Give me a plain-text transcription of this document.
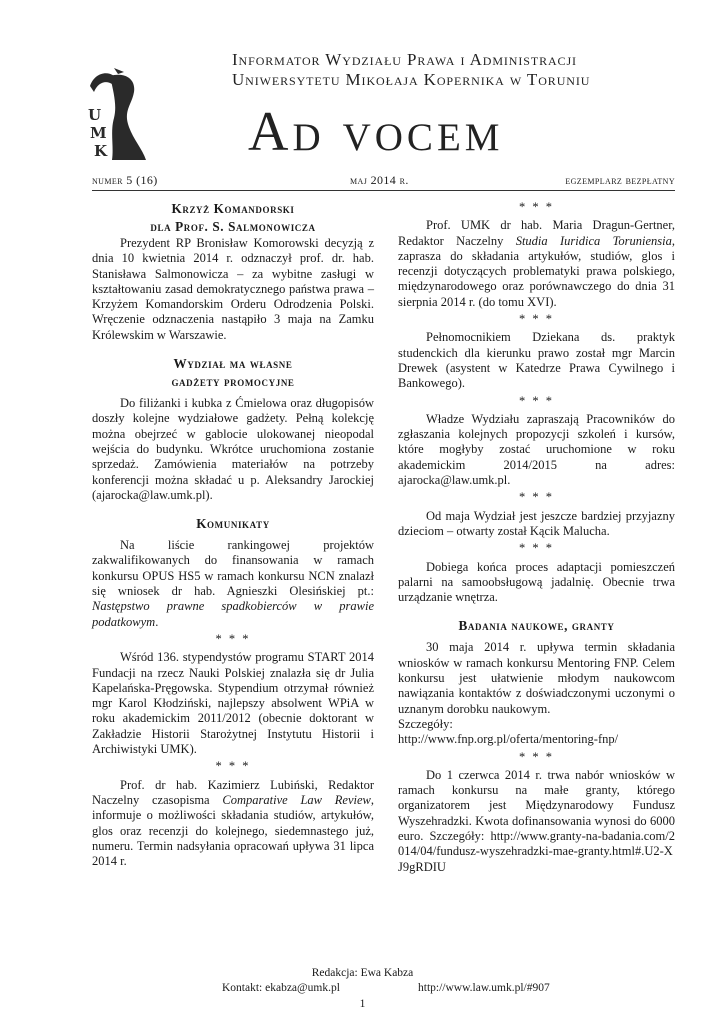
U
M
K
Informator Wydziału Prawa i Administracji
Uniwersytetu Mikołaja Kopernika w Toruniu
Ad vocem
numer 5 (16)	maj 2014 r.	egzemplarz bezpłatny
Krzyż Komandorski
dla Prof. S. Salmonowicza

Prezydent RP Bronisław Komorowski decyzją z dnia 10 kwietnia 2014 r. odznaczył prof. dr. hab. Stanisława Salmonowicza – za wybitne zasługi w kształtowaniu zasad demokratycznego państwa prawa – Krzyżem Komandorskim Orderu Odrodzenia Polski. Wręczenie odznaczenia nastąpiło 3 maja na Zamku Królewskim w Warszawie.

Wydział ma własne
gadżety promocyjne

Do filiżanki i kubka z Ćmielowa oraz długopisów doszły kolejne wydziałowe gadżety. Pełną kolekcję można obejrzeć w gablocie ulokowanej nieopodal wejścia do budynku. Wkrótce uruchomiona zostanie sprzedaż. Zamówienia materiałów na potrzeby konferencji można składać u p. Aleksandry Jarockiej (ajarocka@law.umk.pl).

Komunikaty

Na liście rankingowej projektów zakwalifikowanych do finansowania w ramach konkursu OPUS HS5 w ramach konkursu NCN znalazł się wniosek dr hab. Agnieszki Olesińskiej pt.: Następstwo prawne spadkobierców w prawie podatkowym.

* * *

Wśród 136. stypendystów programu START 2014 Fundacji na rzecz Nauki Polskiej znalazła się dr Julia Kapelańska-Pręgowska. Stypendium otrzymał również mgr Karol Kłodziński, najlepszy absolwent WPiA w roku akademickim 2011/2012 (obecnie doktorant w Zakładzie Historii Starożytnej Instytutu Historii i Archiwistyki UMK).

* * *

Prof. dr hab. Kazimierz Lubiński, Redaktor Naczelny czasopisma Comparative Law Review, informuje o możliwości składania studiów, artykułów, glos oraz recenzji do kolejnego, siedemnastego już, numeru. Termin nadsyłania opracowań upływa 31 lipca 2014 r.

* * *

Prof. UMK dr hab. Maria Dragun-Gertner, Redaktor Naczelny Studia Iuridica Toruniensia, zaprasza do składania artykułów, studiów, glos i recenzji dotyczących problematyki prawa polskiego, międzynarodowego oraz porównawczego do dnia 31 sierpnia 2014 r. (do tomu XVI).

* * *

Pełnomocnikiem Dziekana ds. praktyk studenckich dla kierunku prawo został mgr Marcin Drewek (asystent w Katedrze Prawa Cywilnego i Bankowego).

* * *

Władze Wydziału zapraszają Pracowników do zgłaszania kolejnych propozycji szkoleń i kursów, które mogłyby zostać uruchomione w roku akademickim 2014/2015 na adres: ajarocka@law.umk.pl.

* * *

Od maja Wydział jest jeszcze bardziej przyjazny dzieciom – otwarty został Kącik Malucha.

* * *

Dobiega końca proces adaptacji pomieszczeń palarni na samoobsługową jadalnię. Obecnie trwa urządzanie wnętrza.

Badania naukowe, granty

30 maja 2014 r. upływa termin składania wniosków w ramach konkursu Mentoring FNP. Celem konkursu jest ułatwienie młodym naukowcom nawiązania kontaktów z doświadczonymi uczonymi o uznanym dorobku naukowym.

Szczegóły:

http://www.fnp.org.pl/oferta/mentoring-fnp/

* * *

Do 1 czerwca 2014 r. trwa nabór wniosków w ramach konkursu na małe granty, którego organizatorem jest Międzynarodowy Fundusz Wyszehradzki. Kwota dofinansowania wynosi do 6000 euro. Szczegóły: http://www.granty-na-badania.com/2014/04/fundusz-wyszehradzki-mae-granty.html#.U2-XJ9gRDIU

Redakcja: Ewa Kabza
Kontakt: ekabza@umk.pl	http://www.law.umk.pl/#907
1
